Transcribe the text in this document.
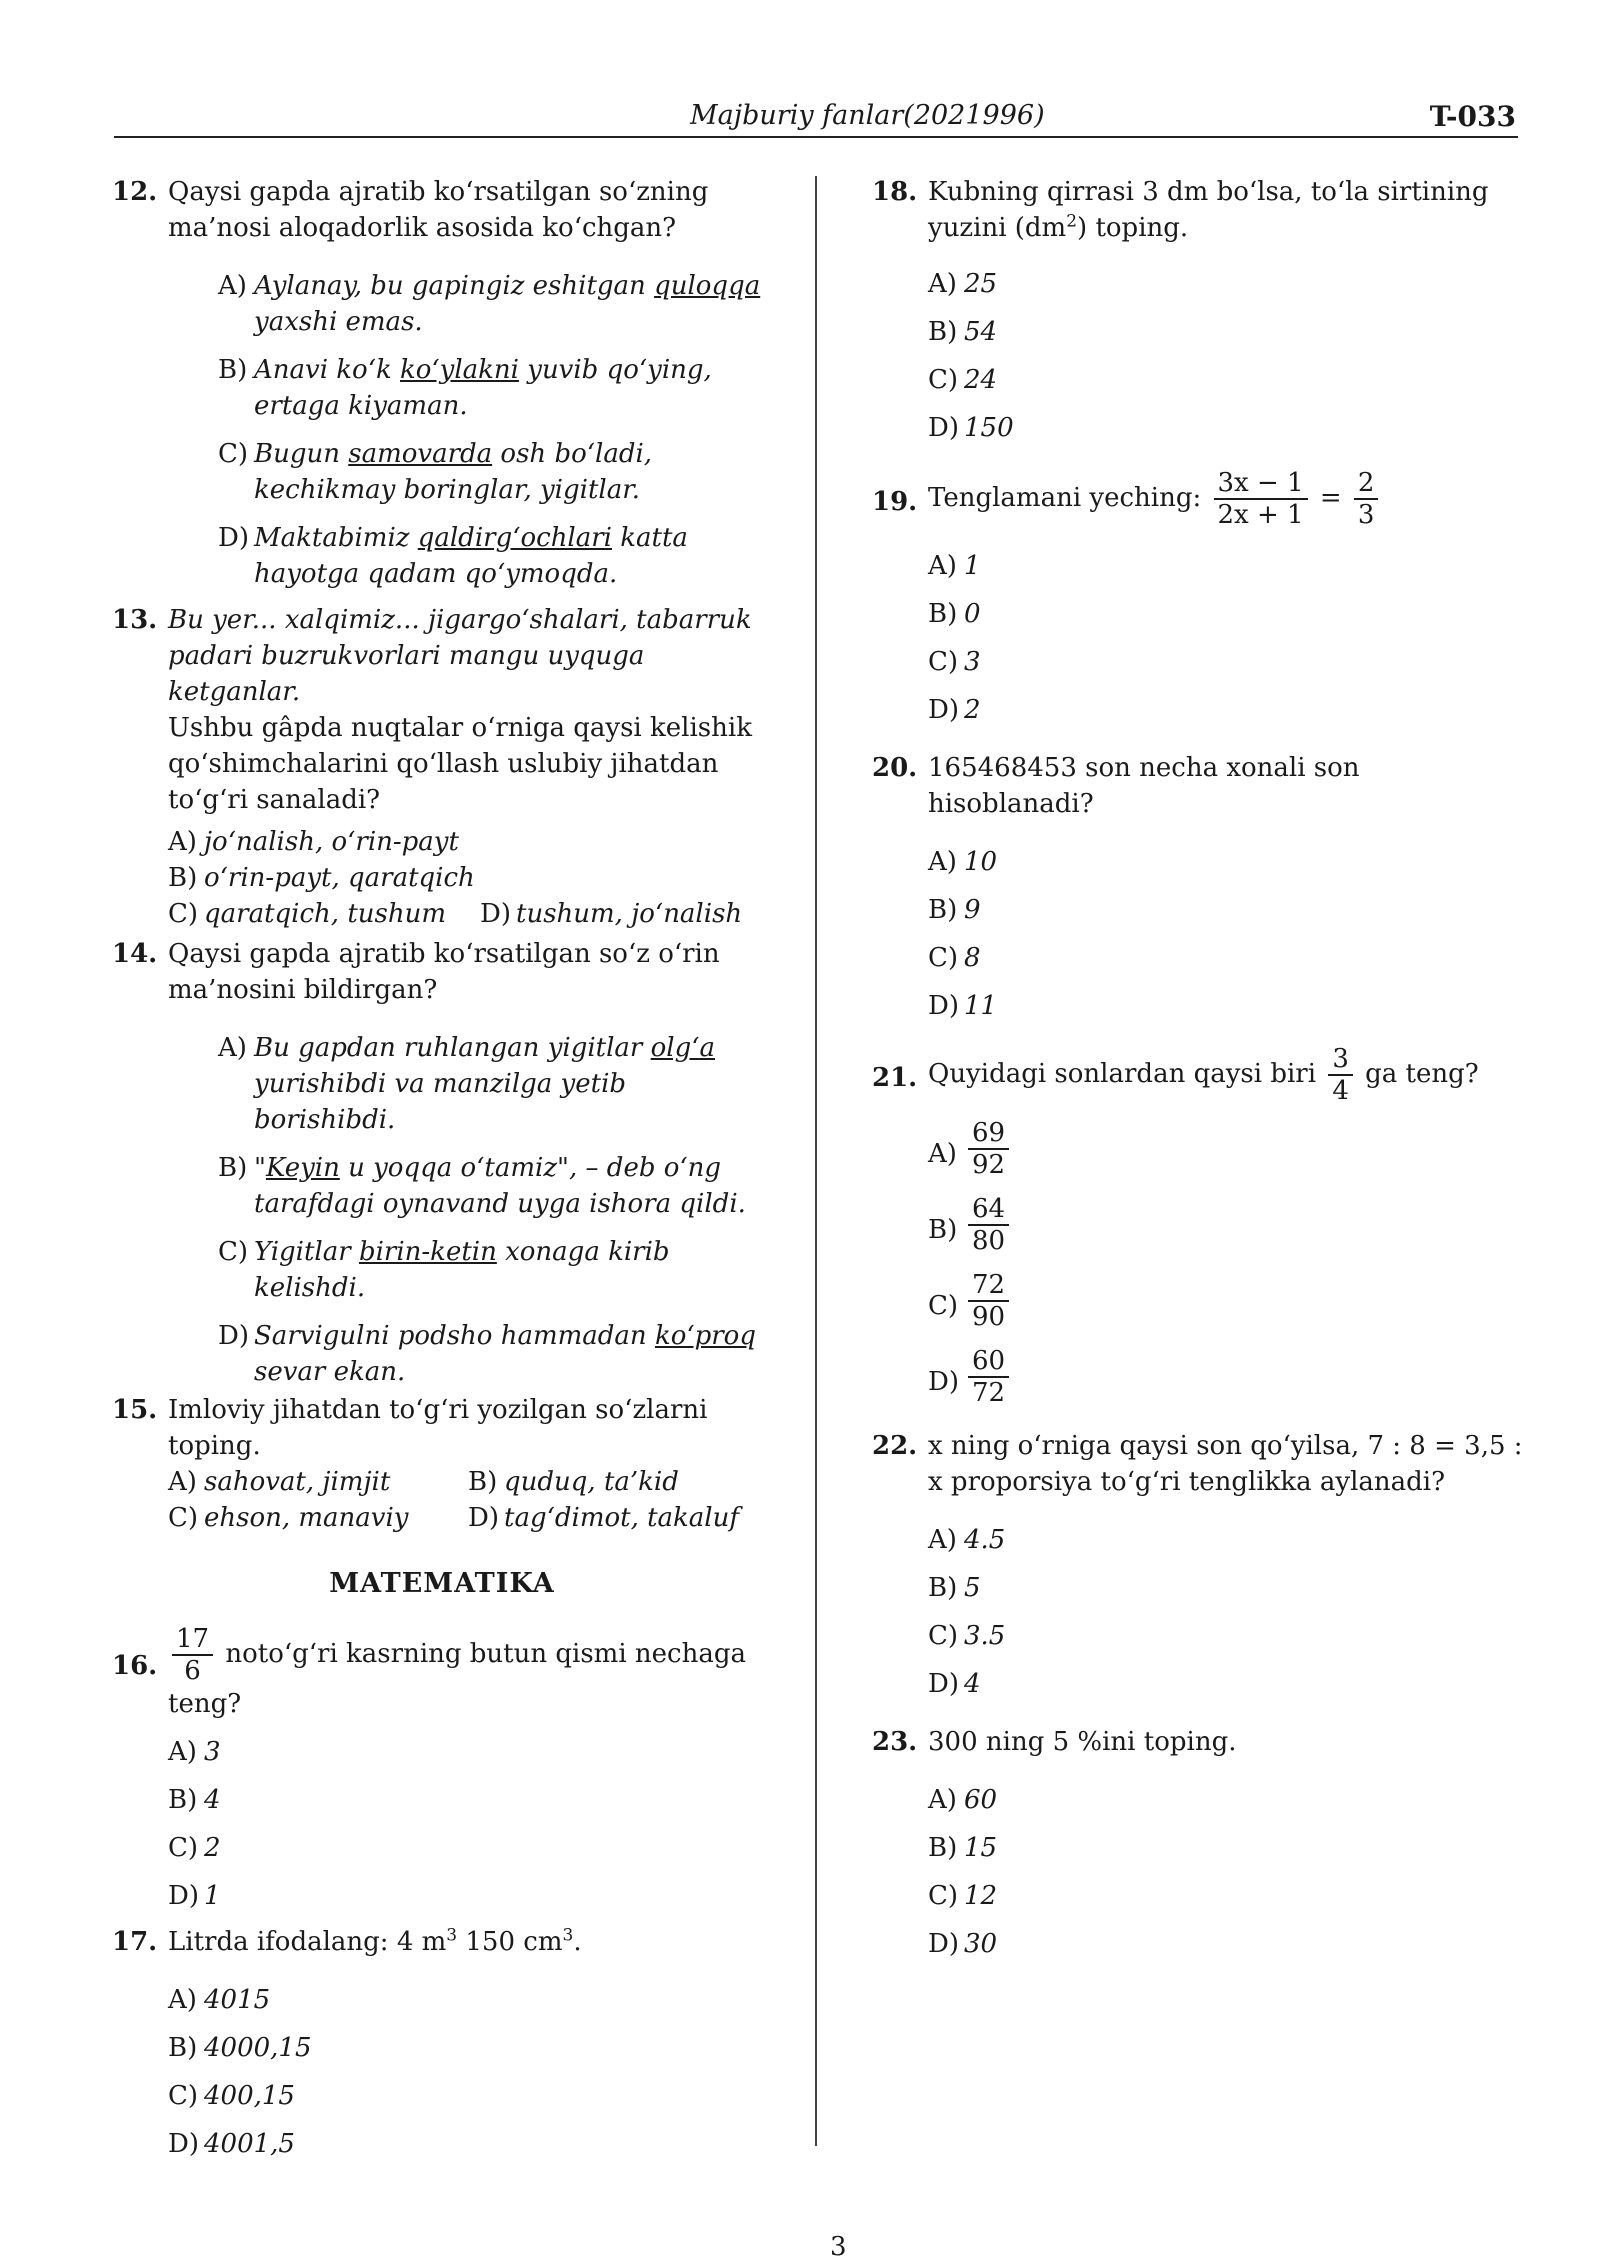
Majburiy fanlar(2021996)	T-033
12. Qaysi gapda ajratib ko‘rsatilgan so‘zning ma’nosi aloqadorlik asosida ko‘chgan?
A) Aylanay, bu gapingiz eshitgan quloqqa yaxshi emas.
B) Anavi ko‘k ko‘ylakni yuvib qo‘ying, ertaga kiyaman.
C) Bugun samovarda osh bo‘ladi, kechikmay boringlar, yigitlar.
D) Maktabimiz qaldirg‘ochlari katta hayotga qadam qo‘ymoqda.
13. Bu yer... xalqimiz... jigargo‘shalari, tabarruk padari buzrukvorlari mangu uyquga ketganlar.
Ushbu gâpda nuqtalar o‘rniga qaysi kelishik qo‘shimchalarini qo‘llash uslubiy jihatdan to‘g‘ri sanaladi?
A) jo‘nalish, o‘rin-payt
B) o‘rin-payt, qaratqich
C) qaratqich, tushum	D) tushum, jo‘nalish
14. Qaysi gapda ajratib ko‘rsatilgan so‘z o‘rin ma’nosini bildirgan?
A) Bu gapdan ruhlangan yigitlar olg‘a yurishibdi va manzilga yetib borishibdi.
B) "Keyin u yoqqa o‘tamiz", – deb o‘ng tarafdagi oynavand uyga ishora qildi.
C) Yigitlar birin-ketin xonaga kirib kelishdi.
D) Sarvigulni podsho hammadan ko‘proq sevar ekan.
15. Imloviy jihatdan to‘g‘ri yozilgan so‘zlarni toping.
A) sahovat, jimjit	B) quduq, ta’kid
C) ehson, manaviy	D) tag‘dimot, takaluf
MATEMATIKA
16. $\frac{17}{6}$ noto‘g‘ri kasrning butun qismi nechaga teng?
A) 3
B) 4
C) 2
D) 1
17. Litrda ifodalang: 4 $m^3$ 150 $cm^3$.
A) 4015
B) 4000,15
C) 400,15
D) 4001,5
18. Kubning qirrasi 3 dm bo‘lsa, to‘la sirtining yuzini $(dm^2)$ toping.
A) 25
B) 54
C) 24
D) 150
19. Tenglamani yeching: $\frac{3x - 1}{2x + 1} = \frac{2}{3}$
A) 1
B) 0
C) 3
D) 2
20. 165468453 son necha xonali son hisoblanadi?
A) 10
B) 9
C) 8
D) 11
21. Quyidagi sonlardan qaysi biri $\frac{3}{4}$ ga teng?
$A) \frac{69}{92}$
$B) \frac{64}{80}$
$C) \frac{72}{90}$
$D) \frac{60}{72}$
22. x ning o‘rniga qaysi son qo‘yilsa, 7 : 8 = 3,5 : x proporsiya to‘g‘ri tenglikka aylanadi?
A) 4.5
B) 5
C) 3.5
D) 4
23. 300 ning 5 %ini toping.
A) 60
B) 15
C) 12
D) 30
3
